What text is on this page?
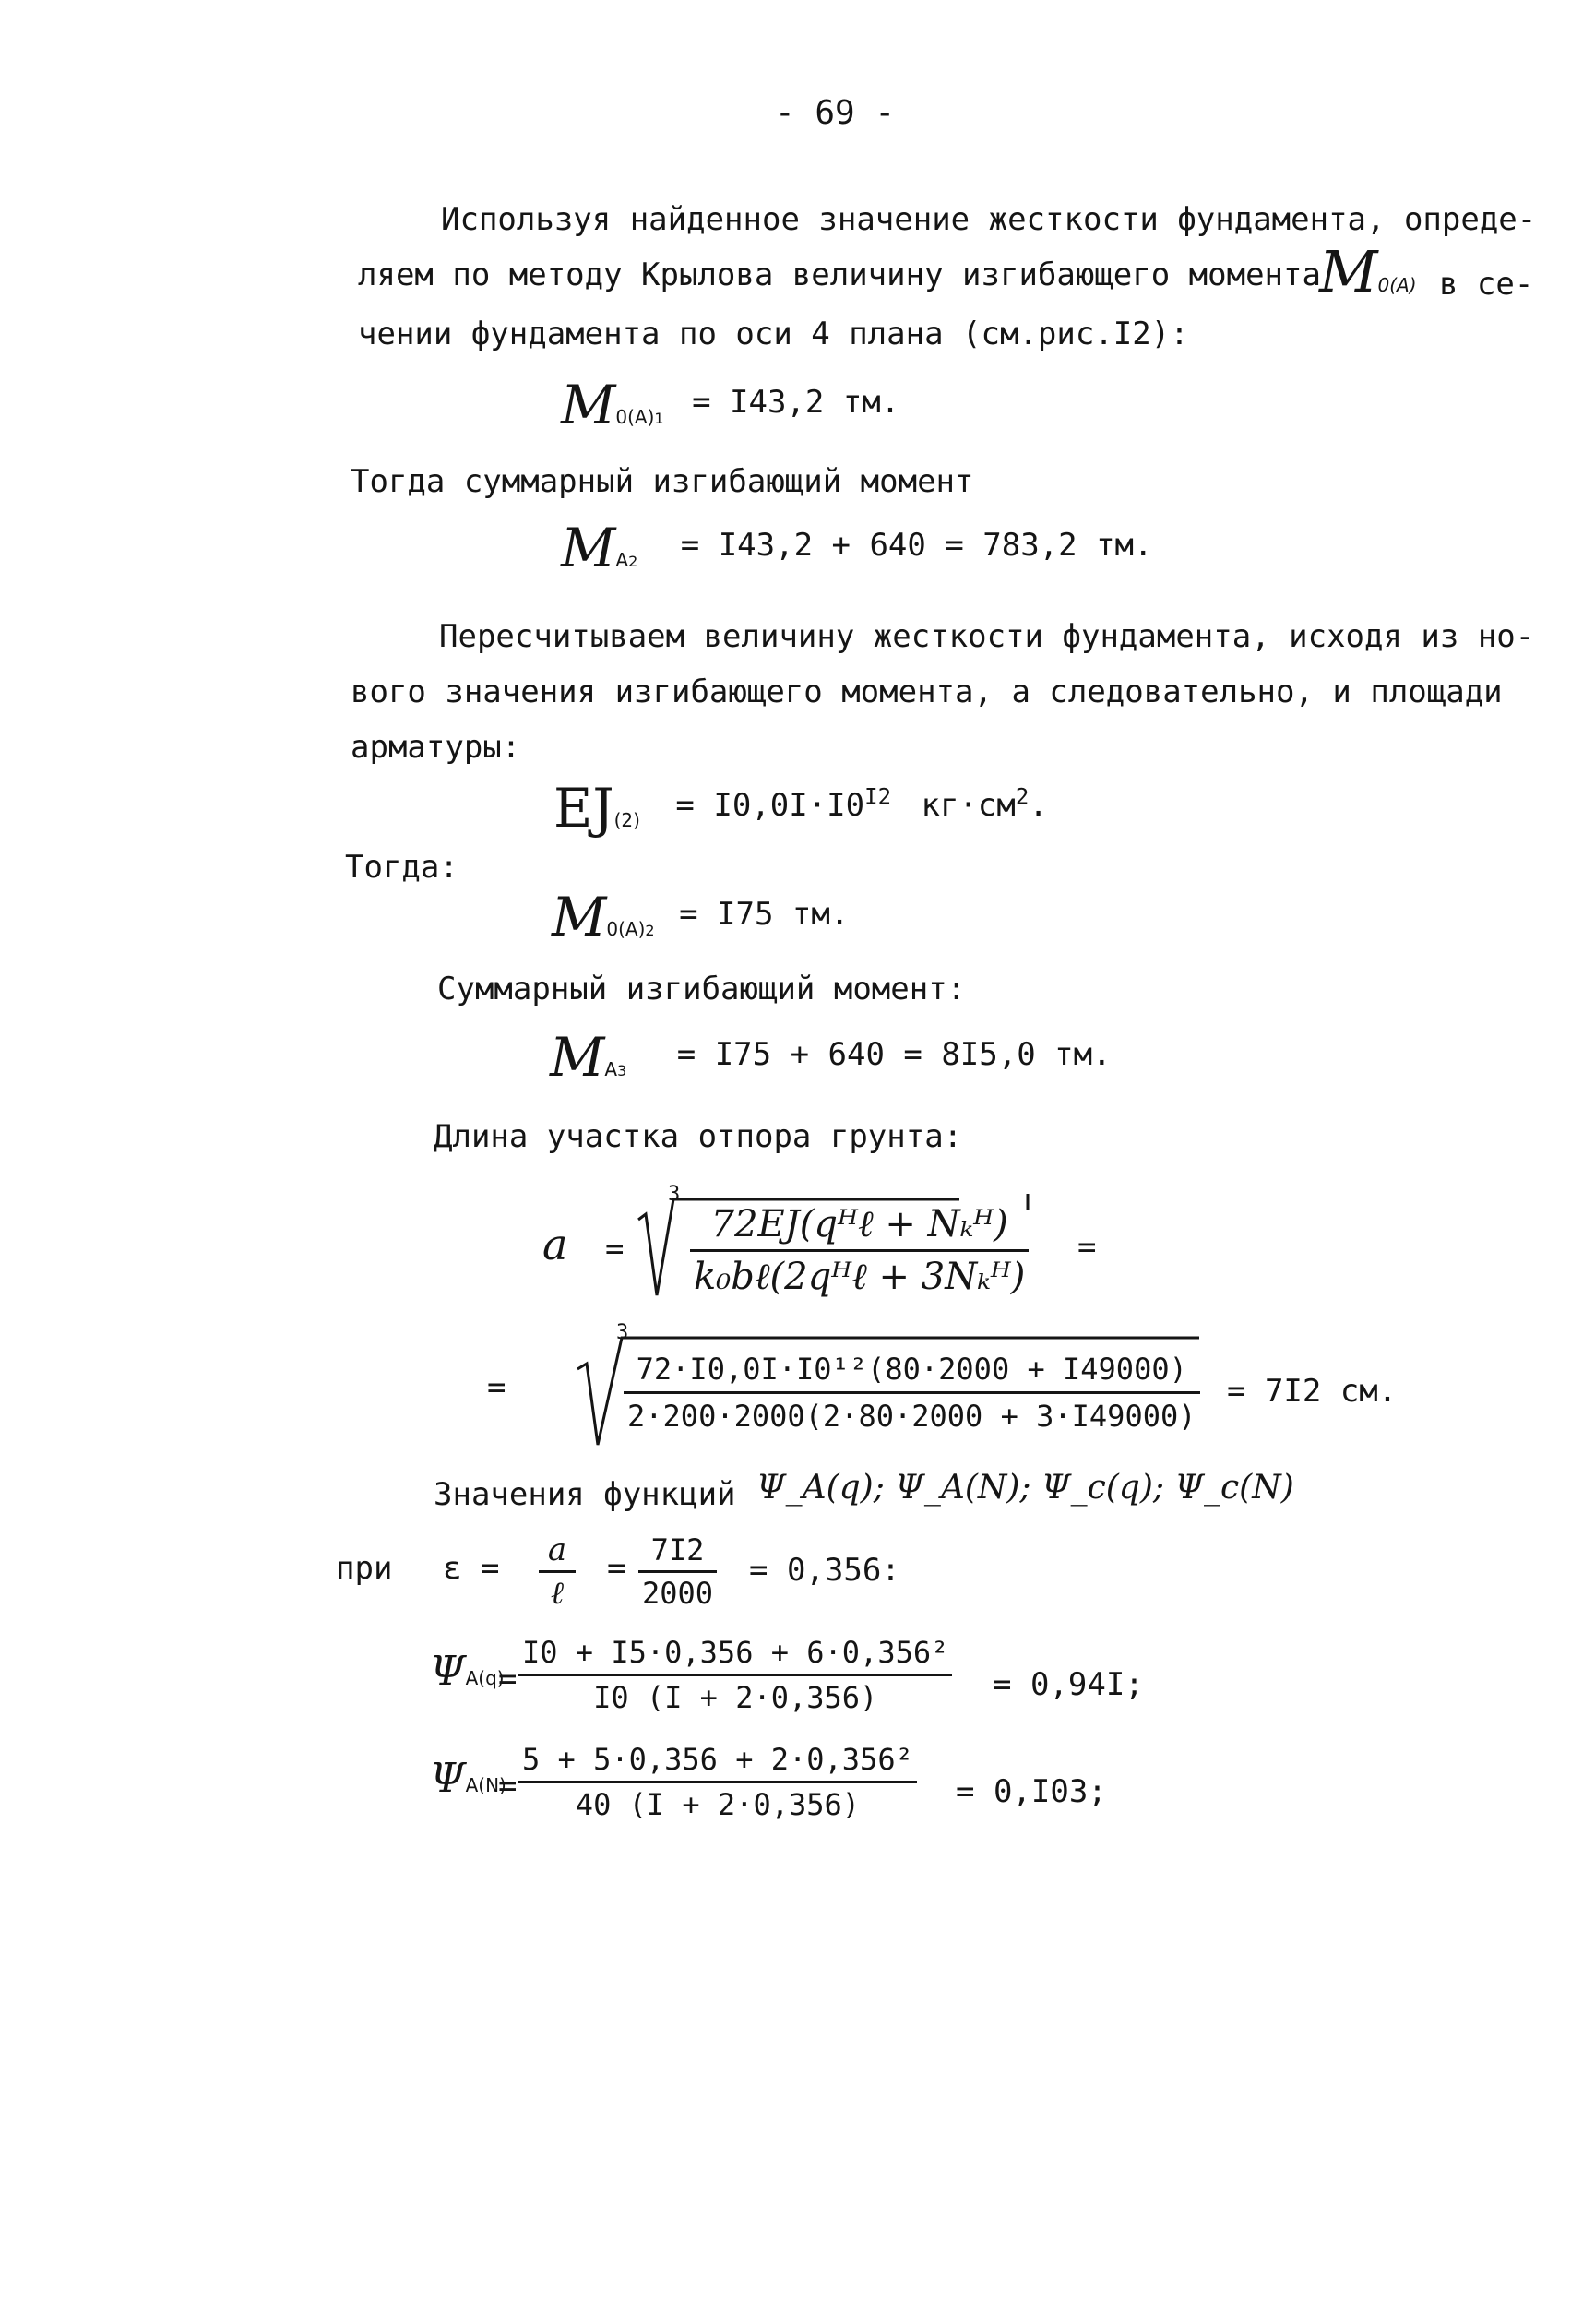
- 69 -
Используя найденное значение жесткости фундамента, опреде-
ляем по методу Крылова величину изгибающего момента
M0(A) в се-
чении фундамента по оси 4 плана (см.рис.I2):
M0(A)1 = I43,2 тм.
Тогда суммарный изгибающий момент
MA2 = I43,2 + 640 = 783,2 тм.
Пересчитываем величину жесткости фундамента, исходя из но-
вого значения изгибающего момента, а следовательно, и площади
арматуры:
$EJ(2) = I0,0I\cdot I0^{I2}$ $кг\cdot см^2$.
Тогда:
M0(A)2 = I75 тм.
Суммарный изгибающий момент:
MA3 = I75 + 640 = 8I5,0 тм.
Длина участка отпора грунта:
a =
3
72EJ(qᴴℓ + Nₖᴴ)
k₀bℓ(2qᴴℓ + 3Nₖᴴ)
=
=
3
$\frac{\text{72·I0,0I·I0¹²(80·2000 + I49000)}}{2\cdot 200\cdot 2000(2\cdot 80\cdot 2000 + 3\cdot I49000)} = 7I2$ см.
Значения функций Ψ_A(q); Ψ_A(N); Ψ_c(q); Ψ_c(N)
при ε = a
ℓ
= $\frac{7I2}{2000} = 0,356$:
ΨA(q)
= $\frac{\text{I0 + I5·0,356 + 6·0,356²}}{I0 (I + 2\cdot 0,356)} = 0,94I$;
ΨA(N)
= $\frac{\text{5 + 5·0,356 + 2·0,356²}}{40 (I + 2\cdot 0,356)} = 0,I03$;
